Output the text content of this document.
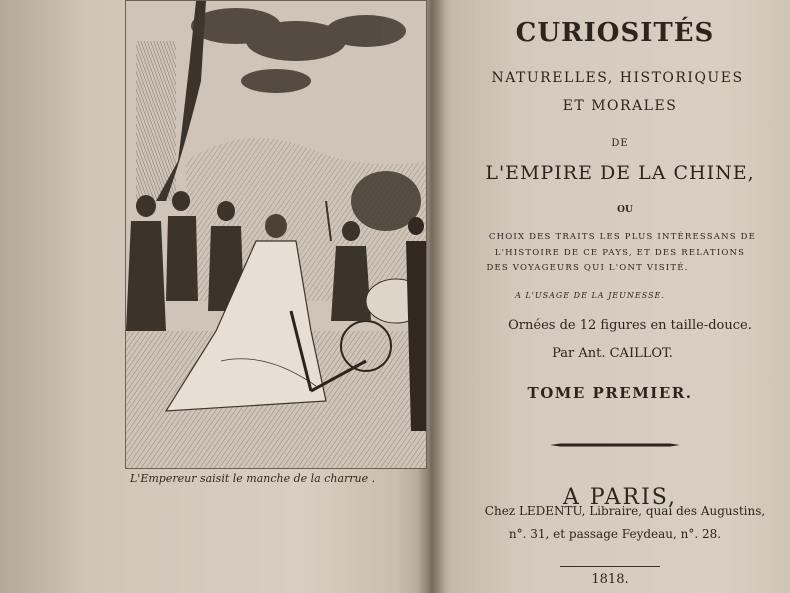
L'Empereur saisit le manche de la charrue .
CURIOSITÉS
NATURELLES, HISTORIQUES
ET MORALES
DE
L'EMPIRE DE LA CHINE,
OU
CHOIX DES TRAITS LES PLUS INTÉRESSANS DE
L'HISTOIRE DE CE PAYS, ET DES RELATIONS
DES VOYAGEURS QUI L'ONT VISITÉ.
A L'USAGE DE LA JEUNESSE.
Ornées de 12 figures en taille-douce.
Par Ant. CAILLOT.
TOME PREMIER.
A PARIS,
Chez LEDENTU, Libraire, quai des Augustins,
n°. 31, et passage Feydeau, n°. 28.
1818.
